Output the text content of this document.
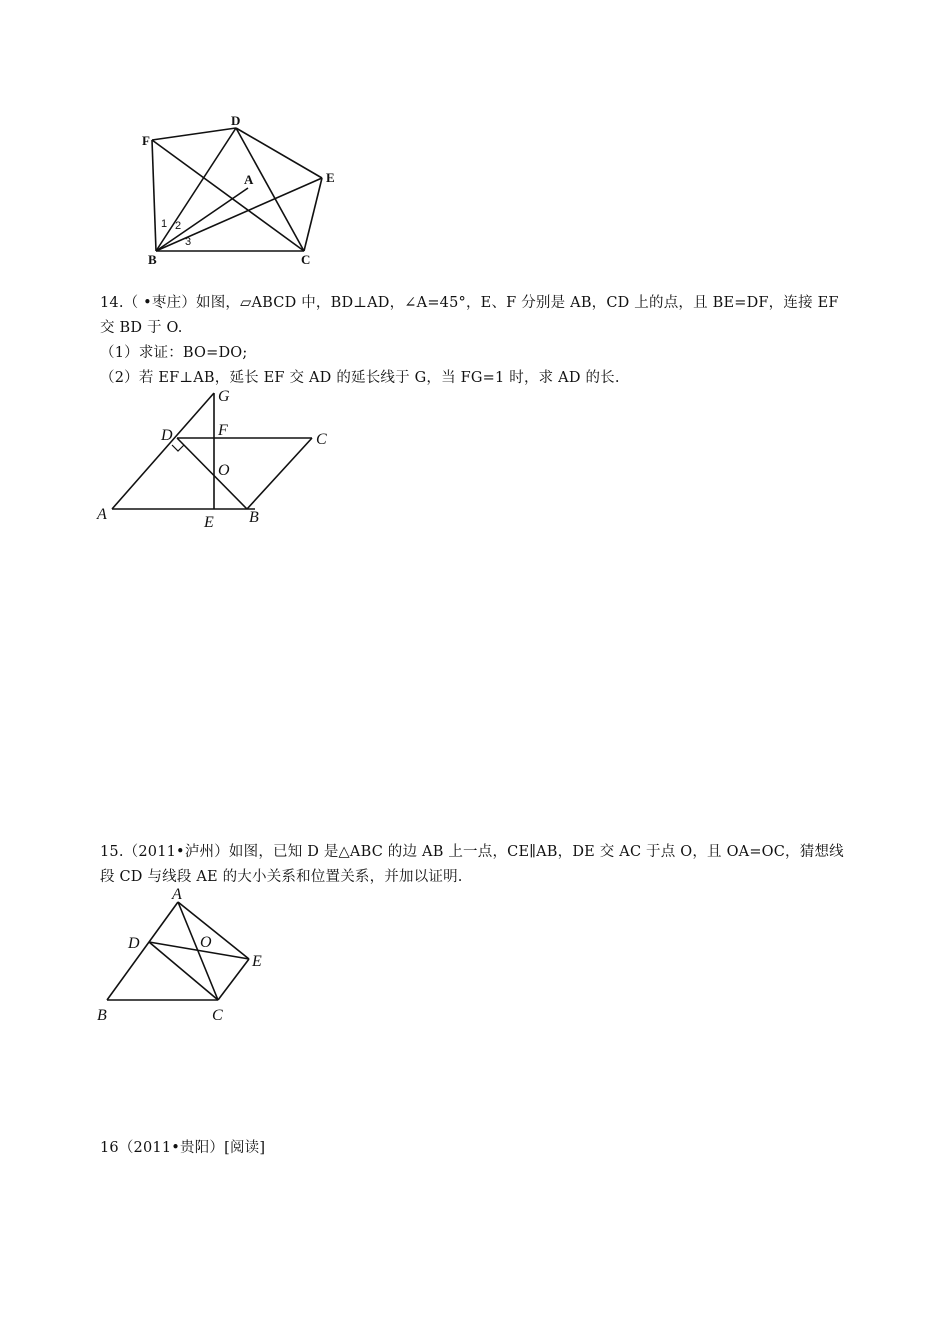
D
F
E
A
B	C
1 2
3
14.（ •枣庄）如图，▱ABCD 中，BD⊥AD，∠A=45°，E、F 分别是 AB，CD 上的点，且 BE=DF，连接 EF
交 BD 于 O.
（1）求证：BO=DO;
（2）若 EF⊥AB，延长 EF 交 AD 的延长线于 G，当 FG=1 时，求 AD 的长.
G
D	F
C
O
A	E B
15.（2011•泸州）如图，已知 D 是△ABC 的边 AB 上一点，CE∥AB，DE 交 AC 于点 O，且 OA=OC，猜想线
段 CD 与线段 AE 的大小关系和位置关系，并加以证明.
A
D	O
E
B	C
16（2011•贵阳）[阅读]
